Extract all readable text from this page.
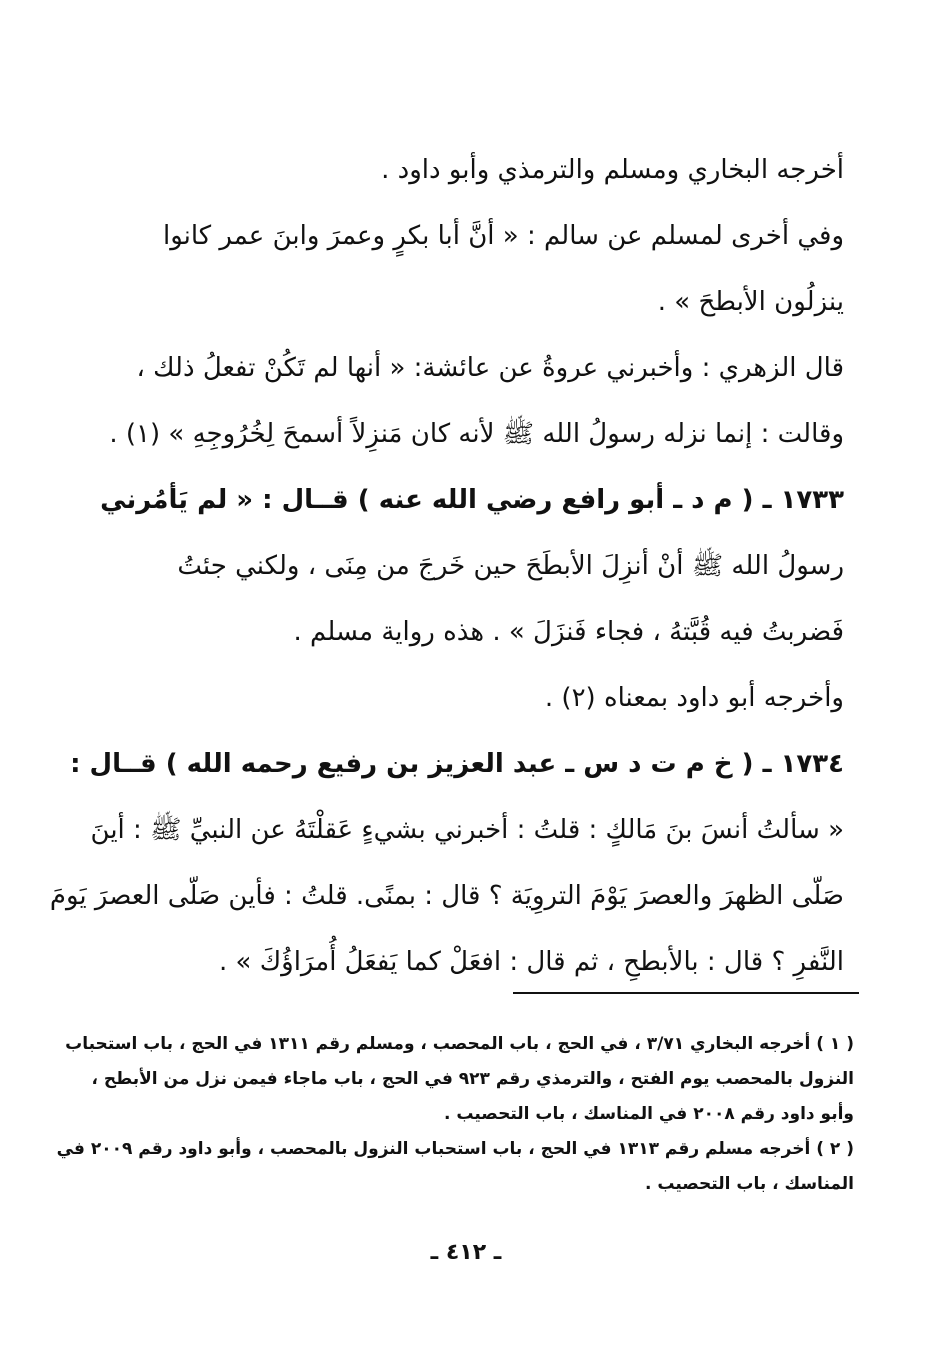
أخرجه البخاري ومسلم والترمذي وأبو داود .
وفي أخرى لمسلم عن سالم : « أنَّ أبا بكرٍ وعمرَ وابنَ عمر كانوا
ينزلُون الأبطحَ » .
قال الزهري : وأخبرني عروةُ عن عائشة: « أنها لم تَكُنْ تفعلُ ذلك ،
وقالت : إنما نزله رسولُ الله ﷺ لأنه كان مَنزِلاً أسمحَ لِخُرُوجِهِ » (١) .
١٧٣٣ ـ ( م د ـ أبو رافع رضي الله عنه ) قــال : « لم يَأمُرني
رسولُ الله ﷺ أنْ أنزِلَ الأبطَحَ حين خَرجَ من مِنَى ، ولكني جئتُ
فَضربتُ فيه قُبَّتهُ ، فجاء فَنزَلَ » . هذه رواية مسلم .
وأخرجه أبو داود بمعناه (٢) .
١٧٣٤ ـ ( خ م ت د س ـ عبد العزيز بن رفيع رحمه الله ) قــال :
« سألتُ أنسَ بنَ مَالكٍ : قلتُ : أخبرني بشيءٍ عَقلْتَهُ عن النبيِّ ﷺ : أينَ
صَلّى الظهرَ والعصرَ يَوْمَ التروِيَة ؟ قال : بمنًى. قلتُ : فأين صَلّى العصرَ يَومَ
النَّفرِ ؟ قال : بالأبطحِ ، ثم قال : افعَلْ كما يَفعَلُ أُمرَاؤُكَ » .
( ١ ) أخرجه البخاري ٣/٧١ ، في الحج ، باب المحصب ، ومسلم رقم ١٣١١ في الحج ، باب استحباب
النزول بالمحصب يوم الفتح ، والترمذي رقم ٩٢٣ في الحج ، باب ماجاء فيمن نزل من الأبطح ،
وأبو داود رقم ٢٠٠٨ في المناسك ، باب التحصيب .
( ٢ ) أخرجه مسلم رقم ١٣١٣ في الحج ، باب استحباب النزول بالمحصب ، وأبو داود رقم ٢٠٠٩ في
المناسك ، باب التحصيب .
ـ ٤١٢ ـ
